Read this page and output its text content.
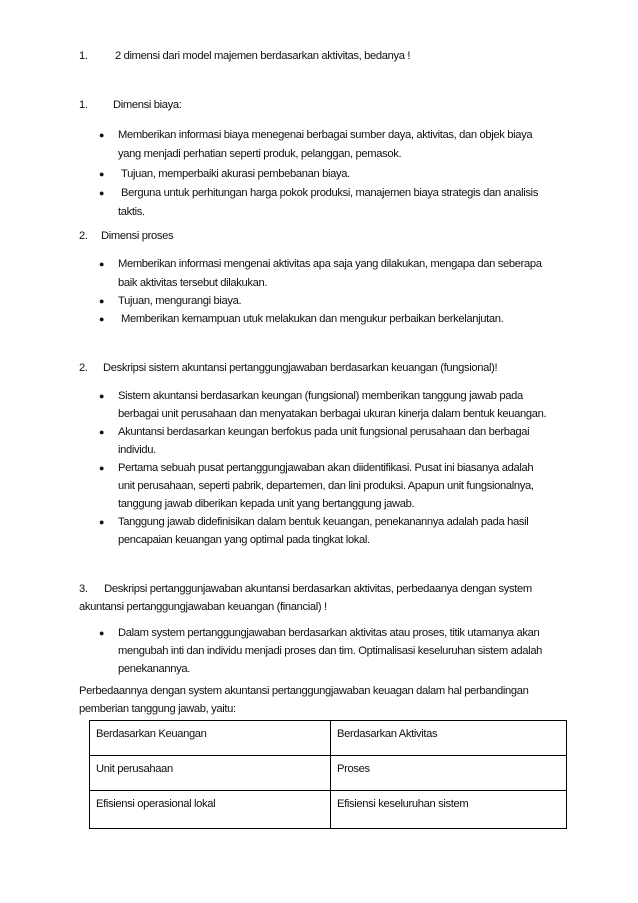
1. 2 dimensi dari model majemen berdasarkan aktivitas, bedanya !
1. Dimensi biaya:
● Memberikan informasi biaya menegenai berbagai sumber daya, aktivitas, dan objek biaya
yang menjadi perhatian seperti produk, pelanggan, pemasok.
● Tujuan, memperbaiki akurasi pembebanan biaya.
● Berguna untuk perhitungan harga pokok produksi, manajemen biaya strategis dan analisis
taktis.
2. Dimensi proses
● Memberikan informasi mengenai aktivitas apa saja yang dilakukan, mengapa dan seberapa
baik aktivitas tersebut dilakukan.
● Tujuan, mengurangi biaya.
● Memberikan kemampuan utuk melakukan dan mengukur perbaikan berkelanjutan.
2. Deskripsi sistem akuntansi pertanggungjawaban berdasarkan keuangan (fungsional)!
● Sistem akuntansi berdasarkan keungan (fungsional) memberikan tanggung jawab pada
berbagai unit perusahaan dan menyatakan berbagai ukuran kinerja dalam bentuk keuangan.
● Akuntansi berdasarkan keungan berfokus pada unit fungsional perusahaan dan berbagai
individu.
● Pertama sebuah pusat pertanggungjawaban akan diidentifikasi. Pusat ini biasanya adalah
unit perusahaan, seperti pabrik, departemen, dan lini produksi. Apapun unit fungsionalnya,
tanggung jawab diberikan kepada unit yang bertanggung jawab.
● Tanggung jawab didefinisikan dalam bentuk keuangan, penekanannya adalah pada hasil
pencapaian keuangan yang optimal pada tingkat lokal.
3.      Deskripsi pertanggunjawaban akuntansi berdasarkan aktivitas, perbedaanya dengan system
akuntansi pertanggungjawaban keuangan (financial) !
● Dalam system pertanggungjawaban berdasarkan aktivitas atau proses, titik utamanya akan
mengubah inti dan individu menjadi proses dan tim. Optimalisasi keseluruhan sistem adalah
penekanannya.
Perbedaannya dengan system akuntansi pertanggungjawaban keuagan dalam hal perbandingan
pemberian tanggung jawab, yaitu:
Berdasarkan Keuangan	Berdasarkan Aktivitas
Unit perusahaan	Proses
Efisiensi operasional lokal	Efisiensi keseluruhan sistem
